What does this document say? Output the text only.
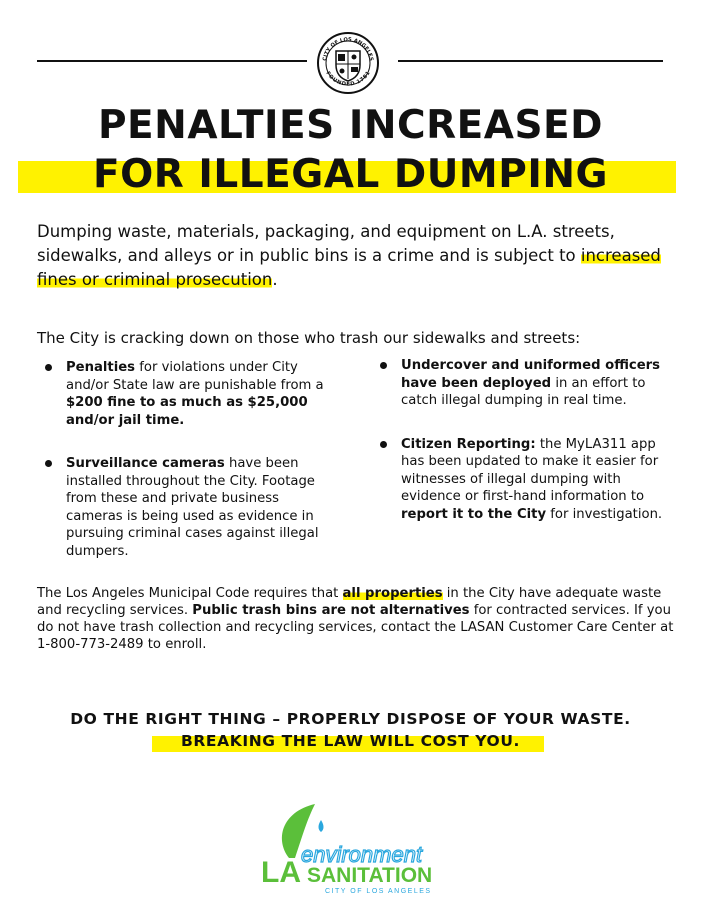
CITY OF LOS ANGELES
FOUNDED 1781
PENALTIES INCREASED
FOR ILLEGAL DUMPING
Dumping waste, materials, packaging, and equipment on L.A. streets, sidewalks, and alleys or in public bins is a crime and is subject to increased fines or criminal prosecution.
The City is cracking down on those who trash our sidewalks and streets:
Penalties for violations under City and/or State law are punishable from a $200 fine to as much as $25,000 and/or jail time.
Surveillance cameras have been installed throughout the City. Footage from these and private business cameras is being used as evidence in pursuing criminal cases against illegal dumpers.
Undercover and uniformed officers have been deployed in an effort to catch illegal dumping in real time.
Citizen Reporting: the MyLA311 app has been updated to make it easier for witnesses of illegal dumping with evidence or first-hand information to report it to the City for investigation.
The Los Angeles Municipal Code requires that all properties in the City have adequate waste and recycling services. Public trash bins are not alternatives for contracted services. If you do not have trash collection and recycling services, contact the LASAN Customer Care Center at 1-800-773-2489 to enroll.
DO THE RIGHT THING – PROPERLY DISPOSE OF YOUR WASTE.
BREAKING THE LAW WILL COST YOU.
environment
LA SANITATION
CITY OF LOS ANGELES
